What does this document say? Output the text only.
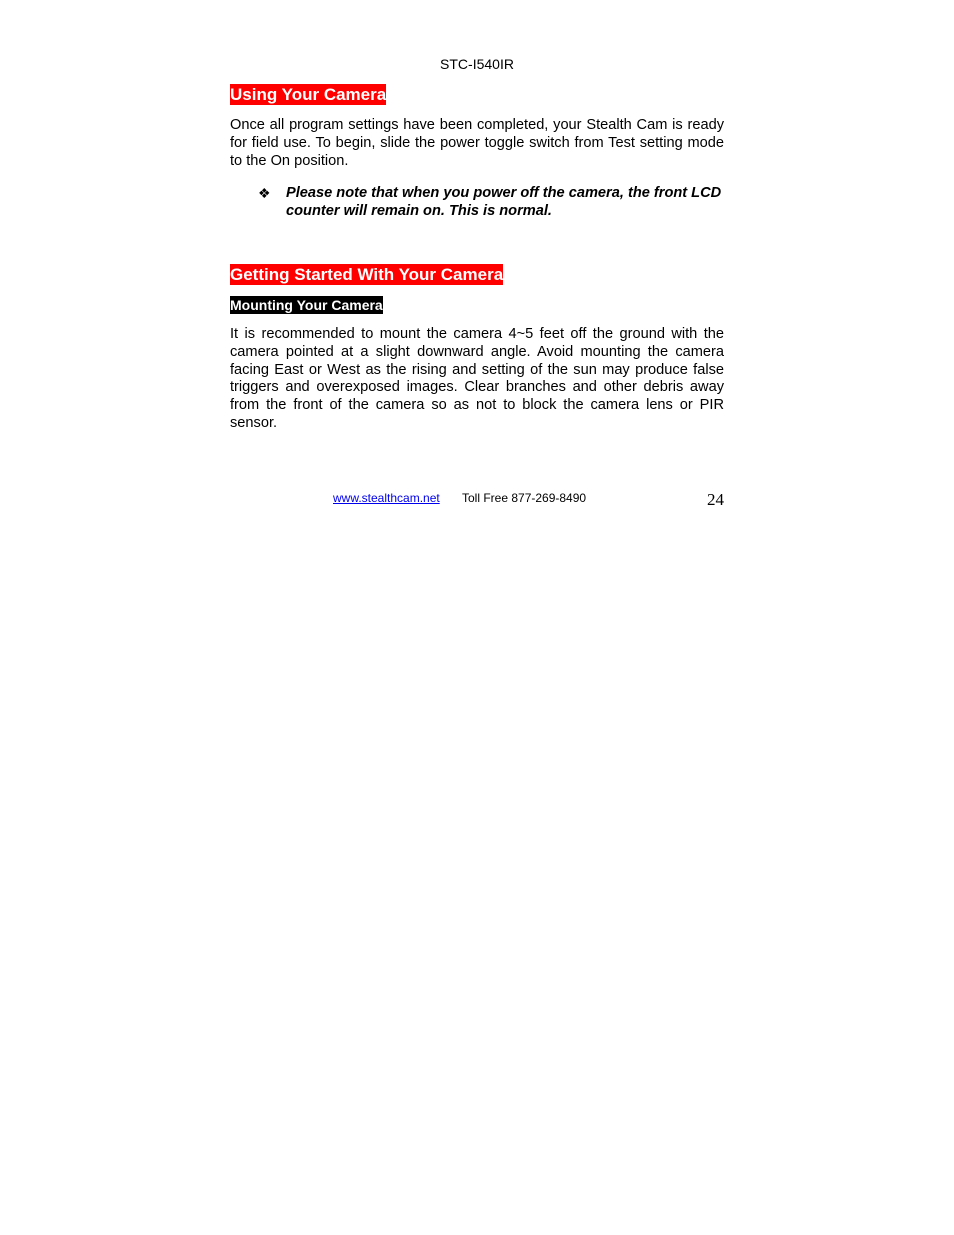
STC-I540IR
Using Your Camera

Once all program settings have been completed, your Stealth Cam is ready for field use. To begin, slide the power toggle switch from Test setting mode to the On position.

❖	Please note that when you power off the camera, the front LCD counter will remain on. This is normal.

Getting Started With Your Camera
Mounting Your Camera

It is recommended to mount the camera 4~5 feet off the ground with the camera pointed at a slight downward angle. Avoid mounting the camera facing East or West as the rising and setting of the sun may produce false triggers and overexposed images. Clear branches and other debris away from the front of the camera so as not to block the camera lens or PIR sensor.

www.stealthcam.net Toll Free 877-269-8490	24
